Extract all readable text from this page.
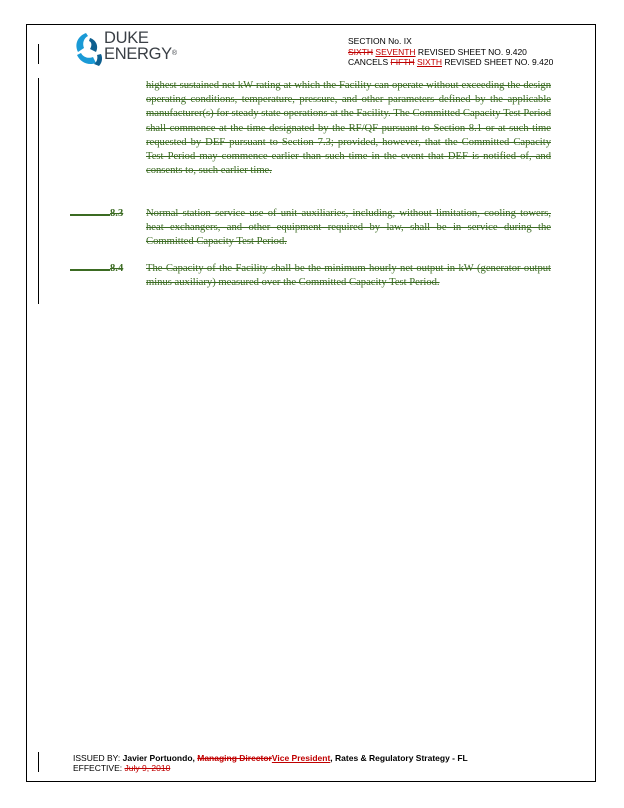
DUKE
ENERGY®
SECTION No. IX
SIXTH SEVENTH REVISED SHEET NO. 9.420
CANCELS FIFTH SIXTH REVISED SHEET NO. 9.420
highest sustained net kW rating at which the Facility can operate without exceeding the design operating conditions, temperature, pressure, and other parameters defined by the applicable manufacturer(s) for steady state operations at the Facility. The Committed Capacity Test Period shall commence at the time designated by the RF/QF pursuant to Section 8.1 or at such time requested by DEF pursuant to Section 7.3; provided, however, that the Committed Capacity Test Period may commence earlier than such time in the event that DEF is notified of, and consents to, such earlier time.
8.3 Normal station service use of unit auxiliaries, including, without limitation, cooling towers, heat exchangers, and other equipment required by law, shall be in service during the Committed Capacity Test Period.
8.4 The Capacity of the Facility shall be the minimum hourly net output in kW (generator output minus auxiliary) measured over the Committed Capacity Test Period.
ISSUED BY: Javier Portuondo, Managing DirectorVice President, Rates & Regulatory Strategy - FL
EFFECTIVE: July 9, 2010
